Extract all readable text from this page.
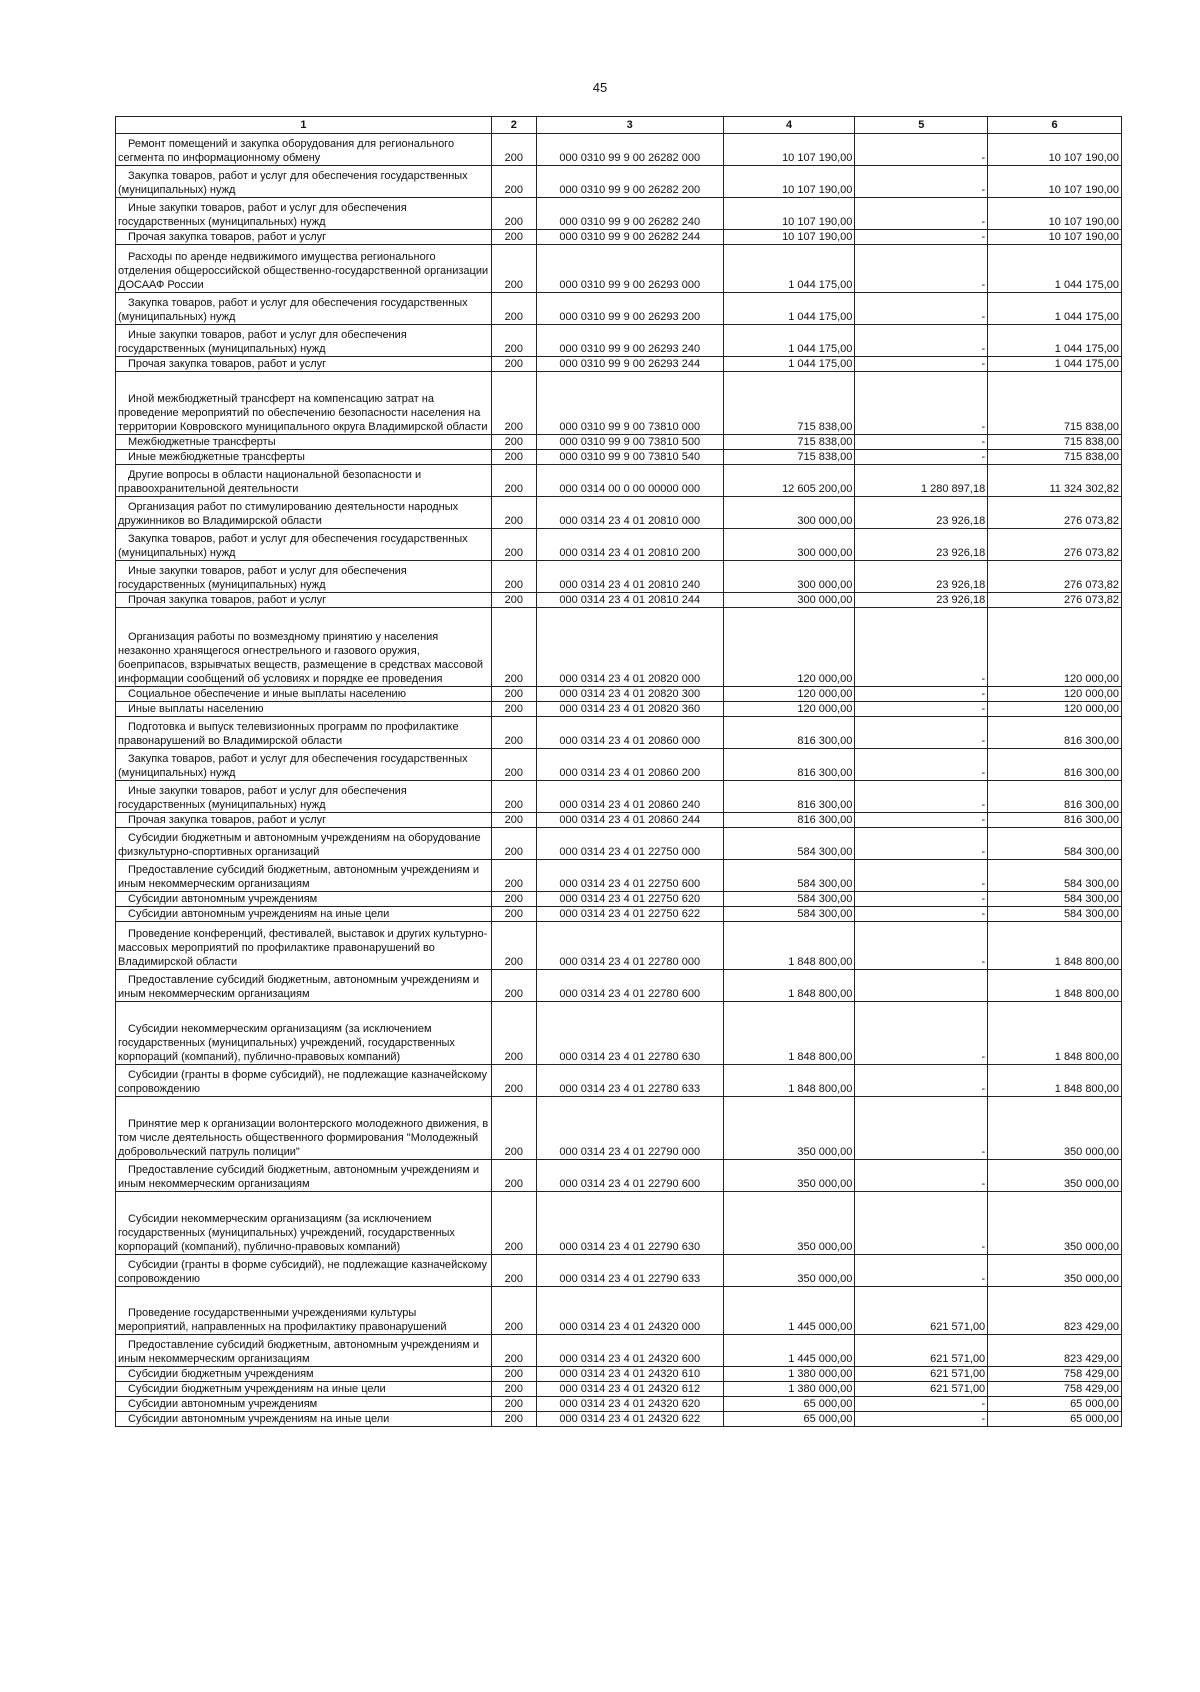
45
1	2	3	4	5	6
Ремонт помещений и закупка оборудования для регионального сегмента по информационному обмену	200	000 0310 99 9 00 26282 000	10 107 190,00	-	10 107 190,00
Закупка товаров, работ и услуг для обеспечения государственных (муниципальных) нужд	200	000 0310 99 9 00 26282 200	10 107 190,00	-	10 107 190,00
Иные закупки товаров, работ и услуг для обеспечения государственных (муниципальных) нужд	200	000 0310 99 9 00 26282 240	10 107 190,00	-	10 107 190,00
Прочая закупка товаров, работ и услуг	200	000 0310 99 9 00 26282 244	10 107 190,00	-	10 107 190,00
Расходы по аренде недвижимого имущества регионального отделения общероссийской общественно-государственной организации ДОСААФ России	200	000 0310 99 9 00 26293 000	1 044 175,00	-	1 044 175,00
Закупка товаров, работ и услуг для обеспечения государственных (муниципальных) нужд	200	000 0310 99 9 00 26293 200	1 044 175,00	-	1 044 175,00
Иные закупки товаров, работ и услуг для обеспечения государственных (муниципальных) нужд	200	000 0310 99 9 00 26293 240	1 044 175,00	-	1 044 175,00
Прочая закупка товаров, работ и услуг	200	000 0310 99 9 00 26293 244	1 044 175,00	-	1 044 175,00
Иной межбюджетный трансферт на компенсацию затрат на проведение мероприятий по обеспечению безопасности населения на территории Ковровского муниципального округа Владимирской области	200	000 0310 99 9 00 73810 000	715 838,00	-	715 838,00
Межбюджетные трансферты	200	000 0310 99 9 00 73810 500	715 838,00	-	715 838,00
Иные межбюджетные трансферты	200	000 0310 99 9 00 73810 540	715 838,00	-	715 838,00
Другие вопросы в области национальной безопасности и правоохранительной деятельности	200	000 0314 00 0 00 00000 000	12 605 200,00	1 280 897,18	11 324 302,82
Организация работ по стимулированию деятельности народных дружинников во Владимирской области	200	000 0314 23 4 01 20810 000	300 000,00	23 926,18	276 073,82
Закупка товаров, работ и услуг для обеспечения государственных (муниципальных) нужд	200	000 0314 23 4 01 20810 200	300 000,00	23 926,18	276 073,82
Иные закупки товаров, работ и услуг для обеспечения государственных (муниципальных) нужд	200	000 0314 23 4 01 20810 240	300 000,00	23 926,18	276 073,82
Прочая закупка товаров, работ и услуг	200	000 0314 23 4 01 20810 244	300 000,00	23 926,18	276 073,82
Организация работы по возмездному принятию у населения незаконно хранящегося огнестрельного и газового оружия, боеприпасов, взрывчатых веществ, размещение в средствах массовой информации сообщений об условиях и порядке ее проведения	200	000 0314 23 4 01 20820 000	120 000,00	-	120 000,00
Социальное обеспечение и иные выплаты населению	200	000 0314 23 4 01 20820 300	120 000,00	-	120 000,00
Иные выплаты населению	200	000 0314 23 4 01 20820 360	120 000,00	-	120 000,00
Подготовка и выпуск телевизионных программ по профилактике правонарушений во Владимирской области	200	000 0314 23 4 01 20860 000	816 300,00	-	816 300,00
Закупка товаров, работ и услуг для обеспечения государственных (муниципальных) нужд	200	000 0314 23 4 01 20860 200	816 300,00	-	816 300,00
Иные закупки товаров, работ и услуг для обеспечения государственных (муниципальных) нужд	200	000 0314 23 4 01 20860 240	816 300,00	-	816 300,00
Прочая закупка товаров, работ и услуг	200	000 0314 23 4 01 20860 244	816 300,00	-	816 300,00
Субсидии бюджетным и автономным учреждениям на оборудование физкультурно-спортивных организаций	200	000 0314 23 4 01 22750 000	584 300,00	-	584 300,00
Предоставление субсидий бюджетным, автономным учреждениям и иным некоммерческим организациям	200	000 0314 23 4 01 22750 600	584 300,00	-	584 300,00
Субсидии автономным учреждениям	200	000 0314 23 4 01 22750 620	584 300,00	-	584 300,00
Субсидии автономным учреждениям на иные цели	200	000 0314 23 4 01 22750 622	584 300,00	-	584 300,00
Проведение конференций, фестивалей, выставок и других культурно-массовых мероприятий по профилактике правонарушений во Владимирской области	200	000 0314 23 4 01 22780 000	1 848 800,00	-	1 848 800,00
Предоставление субсидий бюджетным, автономным учреждениям и иным некоммерческим организациям	200	000 0314 23 4 01 22780 600	1 848 800,00		1 848 800,00
Субсидии некоммерческим организациям (за исключением государственных (муниципальных) учреждений, государственных корпораций (компаний), публично-правовых компаний)	200	000 0314 23 4 01 22780 630	1 848 800,00	-	1 848 800,00
Субсидии (гранты в форме субсидий), не подлежащие казначейскому сопровождению	200	000 0314 23 4 01 22780 633	1 848 800,00	-	1 848 800,00
Принятие мер к организации волонтерского молодежного движения, в том числе деятельность общественного формирования "Молодежный добровольческий патруль полиции"	200	000 0314 23 4 01 22790 000	350 000,00	-	350 000,00
Предоставление субсидий бюджетным, автономным учреждениям и иным некоммерческим организациям	200	000 0314 23 4 01 22790 600	350 000,00	-	350 000,00
Субсидии некоммерческим организациям (за исключением государственных (муниципальных) учреждений, государственных корпораций (компаний), публично-правовых компаний)	200	000 0314 23 4 01 22790 630	350 000,00	-	350 000,00
Субсидии (гранты в форме субсидий), не подлежащие казначейскому сопровождению	200	000 0314 23 4 01 22790 633	350 000,00	-	350 000,00
Проведение государственными учреждениями культуры мероприятий, направленных на профилактику правонарушений	200	000 0314 23 4 01 24320 000	1 445 000,00	621 571,00	823 429,00
Предоставление субсидий бюджетным, автономным учреждениям и иным некоммерческим организациям	200	000 0314 23 4 01 24320 600	1 445 000,00	621 571,00	823 429,00
Субсидии бюджетным учреждениям	200	000 0314 23 4 01 24320 610	1 380 000,00	621 571,00	758 429,00
Субсидии бюджетным учреждениям на иные цели	200	000 0314 23 4 01 24320 612	1 380 000,00	621 571,00	758 429,00
Субсидии автономным учреждениям	200	000 0314 23 4 01 24320 620	65 000,00	-	65 000,00
Субсидии автономным учреждениям на иные цели	200	000 0314 23 4 01 24320 622	65 000,00	-	65 000,00
